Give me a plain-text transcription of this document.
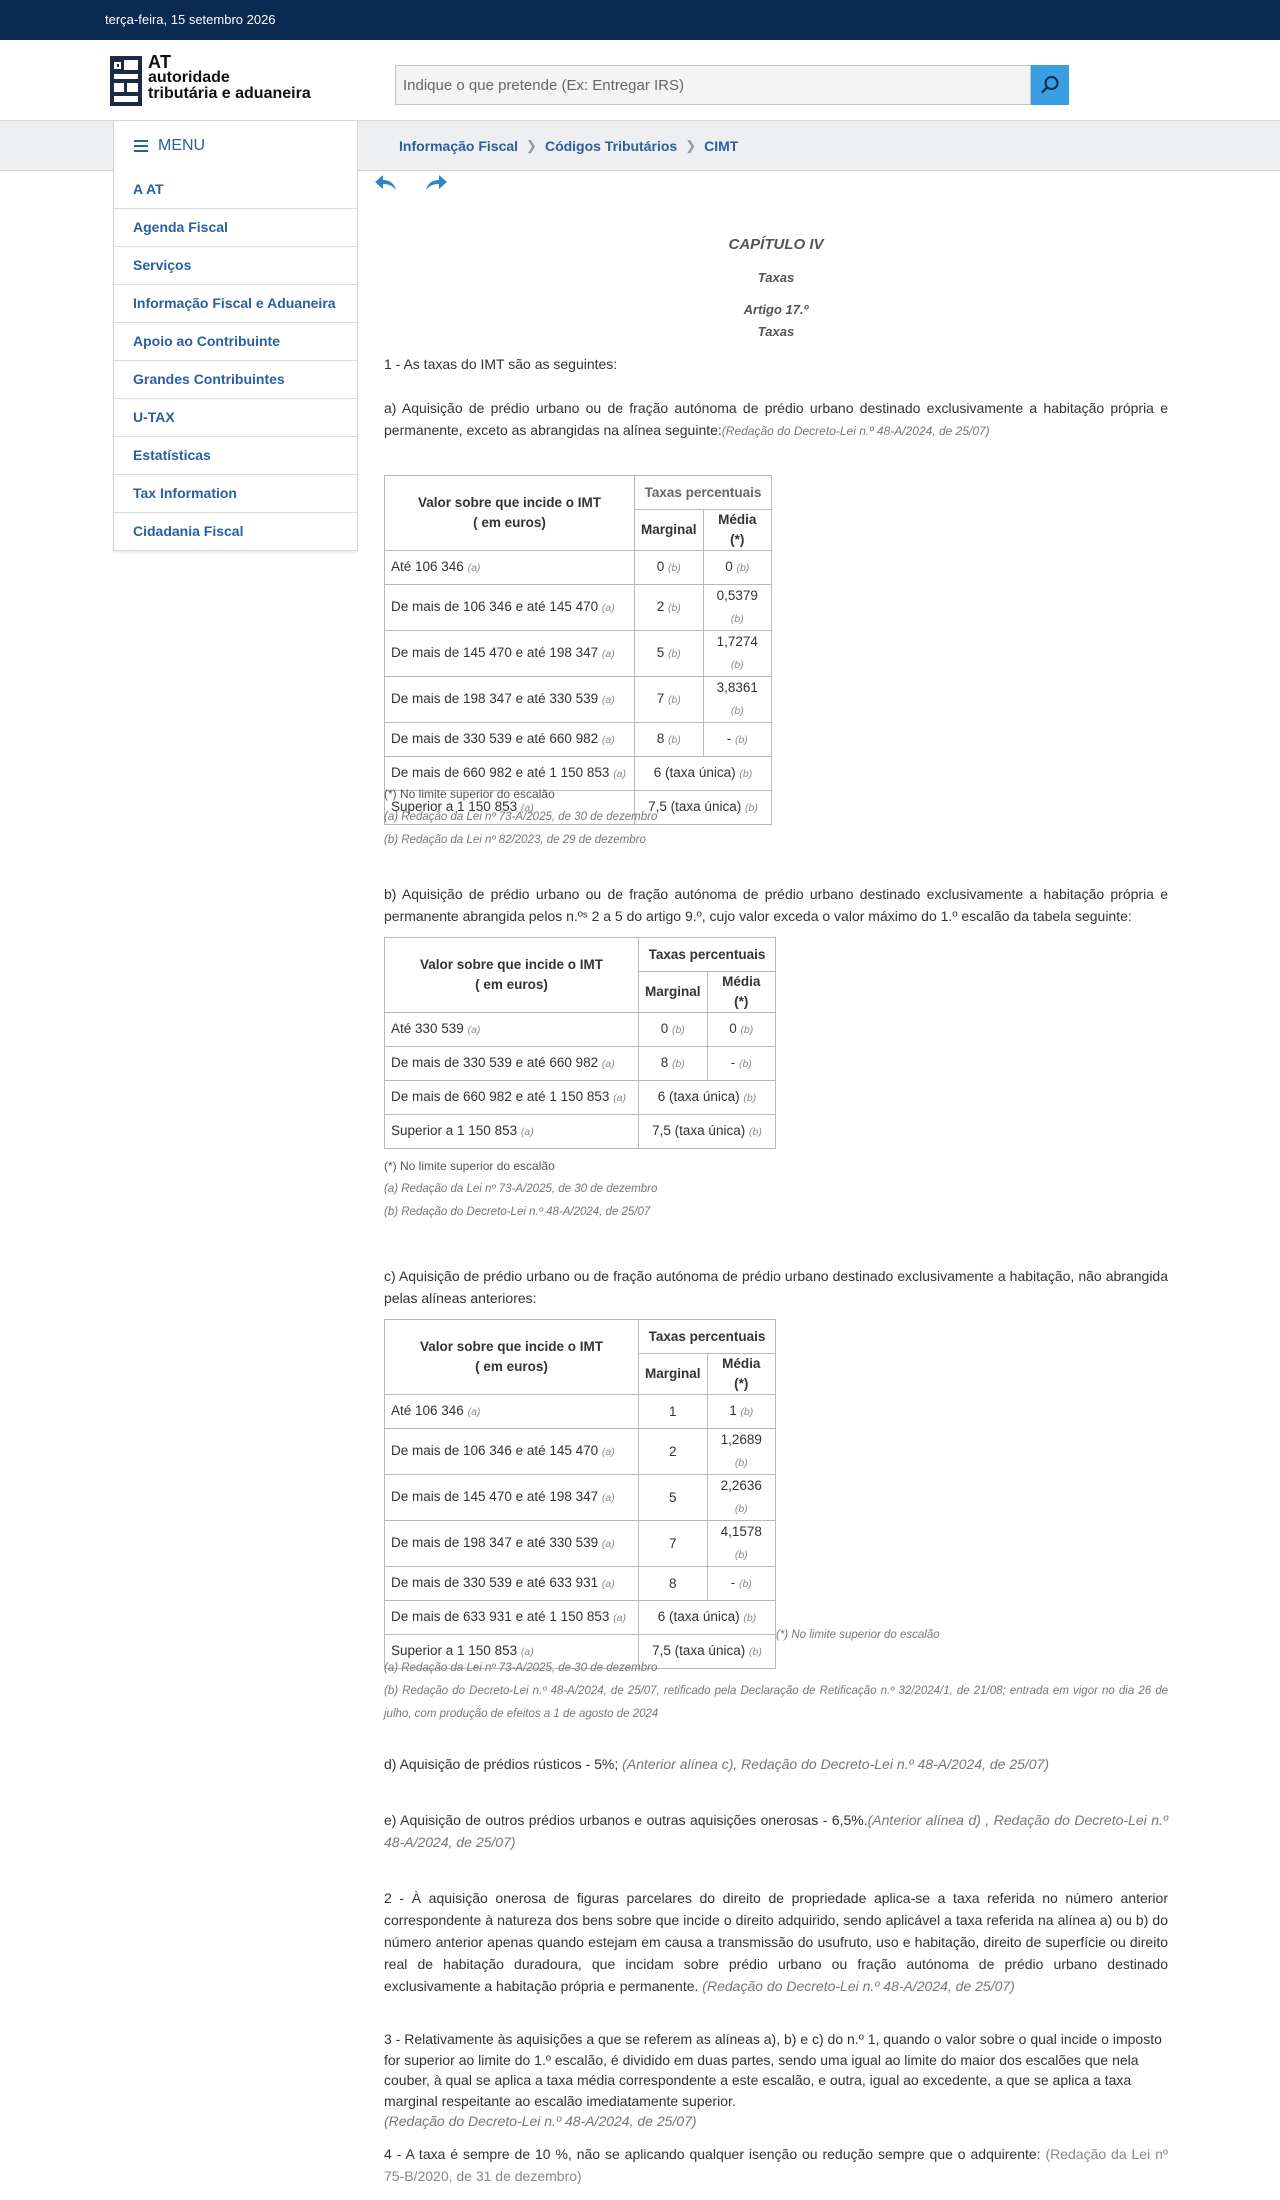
terça-feira, 15 setembro 2026
AT
autoridade
tributária e aduaneira
Indique o que pretende (Ex: Entregar IRS)
MENU	Informação Fiscal ❯ Códigos Tributários ❯ CIMT
A AT
Agenda Fiscal
Serviços
Informação Fiscal e Aduaneira
Apoio ao Contribuinte
Grandes Contribuintes
U-TAX
Estatísticas
Tax Information
Cidadania Fiscal
CAPÍTULO IV
Taxas
Artigo 17.º
Taxas
1 - As taxas do IMT são as seguintes:
a) Aquisição de prédio urbano ou de fração autónoma de prédio urbano destinado exclusivamente a habitação própria e permanente, exceto as abrangidas na alínea seguinte:(Redação do Decreto-Lei n.º 48-A/2024, de 25/07)
Valor sobre que incide o IMT
( em euros)	Taxas percentuais	
	Marginal	Média (*)
Até 106 346 (a)	0 (b)	0 (b)
De mais de 106 346 e até 145 470 (a)	2 (b)	0,5379 (b)
De mais de 145 470 e até 198 347 (a)	5 (b)	1,7274 (b)
De mais de 198 347 e até 330 539 (a)	7 (b)	3,8361 (b)
De mais de 330 539 e até 660 982 (a)	8 (b)	- (b)
De mais de 660 982 e até 1 150 853 (a)	6 (taxa única) (b)	
Superior a 1 150 853 (a)	7,5 (taxa única) (b)	
(*) No limite superior do escalão
(a) Redação da Lei nº 73-A/2025, de 30 de dezembro
(b) Redação da Lei nº 82/2023, de 29 de dezembro
b) Aquisição de prédio urbano ou de fração autónoma de prédio urbano destinado exclusivamente a habitação própria e permanente abrangida pelos n.ºˢ 2 a 5 do artigo 9.º, cujo valor exceda o valor máximo do 1.º escalão da tabela seguinte:
Valor sobre que incide o IMT
( em euros)	Taxas percentuais	
	Marginal	Média (*)
Até 330 539 (a)	0 (b)	0 (b)
De mais de 330 539 e até 660 982 (a)	8 (b)	- (b)
De mais de 660 982 e até 1 150 853 (a)	6 (taxa única) (b)	
Superior a 1 150 853 (a)	7,5 (taxa única) (b)	
(*) No limite superior do escalão
(a) Redação da Lei nº 73-A/2025, de 30 de dezembro
(b) Redação do Decreto-Lei n.º 48-A/2024, de 25/07
c) Aquisição de prédio urbano ou de fração autónoma de prédio urbano destinado exclusivamente a habitação, não abrangida pelas alíneas anteriores:
Valor sobre que incide o IMT
( em euros)	Taxas percentuais	
	Marginal	Média (*)
Até 106 346 (a)	1	1 (b)
De mais de 106 346 e até 145 470 (a)	2	1,2689 (b)
De mais de 145 470 e até 198 347 (a)	5	2,2636 (b)
De mais de 198 347 e até 330 539 (a)	7	4,1578 (b)
De mais de 330 539 e até 633 931 (a)	8	- (b)
De mais de 633 931 e até 1 150 853 (a)	6 (taxa única) (b)	
Superior a 1 150 853 (a)	7,5 (taxa única) (b)	
(*) No limite superior do escalão
(a) Redação da Lei nº 73-A/2025, de 30 de dezembro
(b) Redação do Decreto-Lei n.º 48-A/2024, de 25/07, retificado pela Declaração de Retificação n.º 32/2024/1, de 21/08; entrada em vigor no dia 26 de julho, com produção de efeitos a 1 de agosto de 2024
d) Aquisição de prédios rústicos - 5%; (Anterior alínea c), Redação do Decreto-Lei n.º 48-A/2024, de 25/07)
e) Aquisição de outros prédios urbanos e outras aquisições onerosas - 6,5%.(Anterior alínea d) , Redação do Decreto-Lei n.º 48-A/2024, de 25/07)
2 - À aquisição onerosa de figuras parcelares do direito de propriedade aplica-se a taxa referida no número anterior correspondente à natureza dos bens sobre que incide o direito adquirido, sendo aplicável a taxa referida na alínea a) ou b) do número anterior apenas quando estejam em causa a transmissão do usufruto, uso e habitação, direito de superfície ou direito real de habitação duradoura, que incidam sobre prédio urbano ou fração autónoma de prédio urbano destinado exclusivamente a habitação própria e permanente. (Redação do Decreto-Lei n.º 48-A/2024, de 25/07)
3 - Relativamente às aquisições a que se referem as alíneas a), b) e c) do n.º 1, quando o valor sobre o qual incide o imposto for superior ao limite do 1.º escalão, é dividido em duas partes, sendo uma igual ao limite do maior dos escalões que nela couber, à qual se aplica a taxa média correspondente a este escalão, e outra, igual ao excedente, a que se aplica a taxa marginal respeitante ao escalão imediatamente superior.
(Redação do Decreto-Lei n.º 48-A/2024, de 25/07)
4 - A taxa é sempre de 10 %, não se aplicando qualquer isenção ou redução sempre que o adquirente: (Redação da Lei nº 75-B/2020, de 31 de dezembro)
